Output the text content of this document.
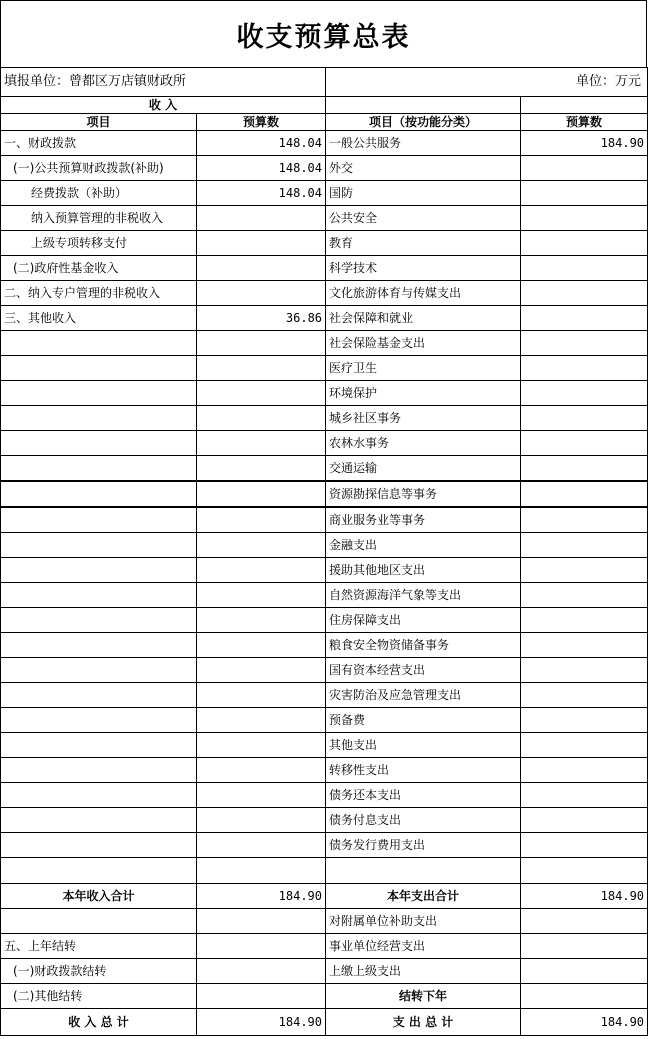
收支预算总表
填报单位：曾都区万店镇财政所		单位：万元	
收 入			
项目	预算数	项目（按功能分类）	预算数
一、财政拨款	148.04	一般公共服务	184.90
(一)公共预算财政拨款(补助)	148.04	外交	
经费拨款（补助）	148.04	国防	
纳入预算管理的非税收入		公共安全	
上级专项转移支付		教育	
(二)政府性基金收入		科学技术	
二、纳入专户管理的非税收入		文化旅游体育与传媒支出	
三、其他收入	36.86	社会保障和就业	
		社会保险基金支出	
		医疗卫生	
		环境保护	
		城乡社区事务	
		农林水事务	
		交通运输	
		资源勘探信息等事务	
		商业服务业等事务	
		金融支出	
		援助其他地区支出	
		自然资源海洋气象等支出	
		住房保障支出	
		粮食安全物资储备事务	
		国有资本经营支出	
		灾害防治及应急管理支出	
		预备费	
		其他支出	
		转移性支出	
		债务还本支出	
		债务付息支出	
		债务发行费用支出	

本年收入合计	184.90	本年支出合计	184.90
		对附属单位补助支出	
五、上年结转		事业单位经营支出	
(一)财政拨款结转		上缴上级支出	
(二)其他结转		结转下年	
收 入 总 计	184.90	支 出 总 计	184.90
